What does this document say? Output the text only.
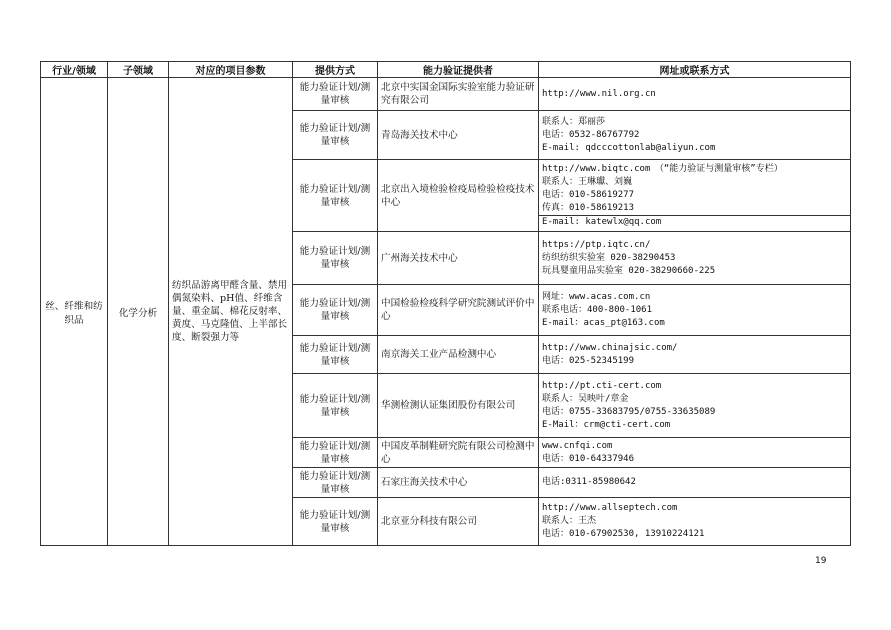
行业/领域	子领域	对应的项目参数	提供方式	能力验证提供者	网址或联系方式
丝、纤维和纺织品	化学分析	纺织品游离甲醛含量、禁用偶氮染料、pH值、纤维含量、重金属、棉花反射率、黄度、马克隆值、上半部长度、断裂强力等	能力验证计划/测量审核	北京中实国金国际实验室能力验证研究有限公司	http://www.nil.org.cn

			能力验证计划/测量审核	青岛海关技术中心	联系人：郑丽莎
电话：0532-86767792
E-mail: qdcccottonlab@aliyun.com

			能力验证计划/测量审核	北京出入境检验检疫局检验检疫技术中心	http://www.biqtc.com　（“能力验证与测量审核”专栏）
联系人：王琳瓛、刘巍
电话：010-58619277
传真：010-58619213
E-mail: katewlx@qq.com

			能力验证计划/测量审核	广州海关技术中心	https://ptp.iqtc.cn/
纺织纺织实验室 020-38290453
玩具婴童用品实验室 020-38290660-225

			能力验证计划/测量审核	中国检验检疫科学研究院测试评价中心	网址：www.acas.com.cn
联系电话：400-800-1061
E-mail：acas_pt@163.com

			能力验证计划/测量审核	南京海关工业产品检测中心	http://www.chinajsic.com/
电话：025-52345199

			能力验证计划/测量审核	华测检测认证集团股份有限公司	http://pt.cti-cert.com
联系人：吴映叶/章金
电话：0755-33683795/0755-33635089
E-Mail：crm@cti-cert.com

			能力验证计划/测量审核	中国皮革制鞋研究院有限公司检测中心	www.cnfqi.com
电话：010-64337946

			能力验证计划/测量审核	石家庄海关技术中心	电话:0311-85980642

			能力验证计划/测量审核	北京亚分科技有限公司	http://www.allseptech.com
联系人：王杰
电话：010-67902530, 13910224121
19
